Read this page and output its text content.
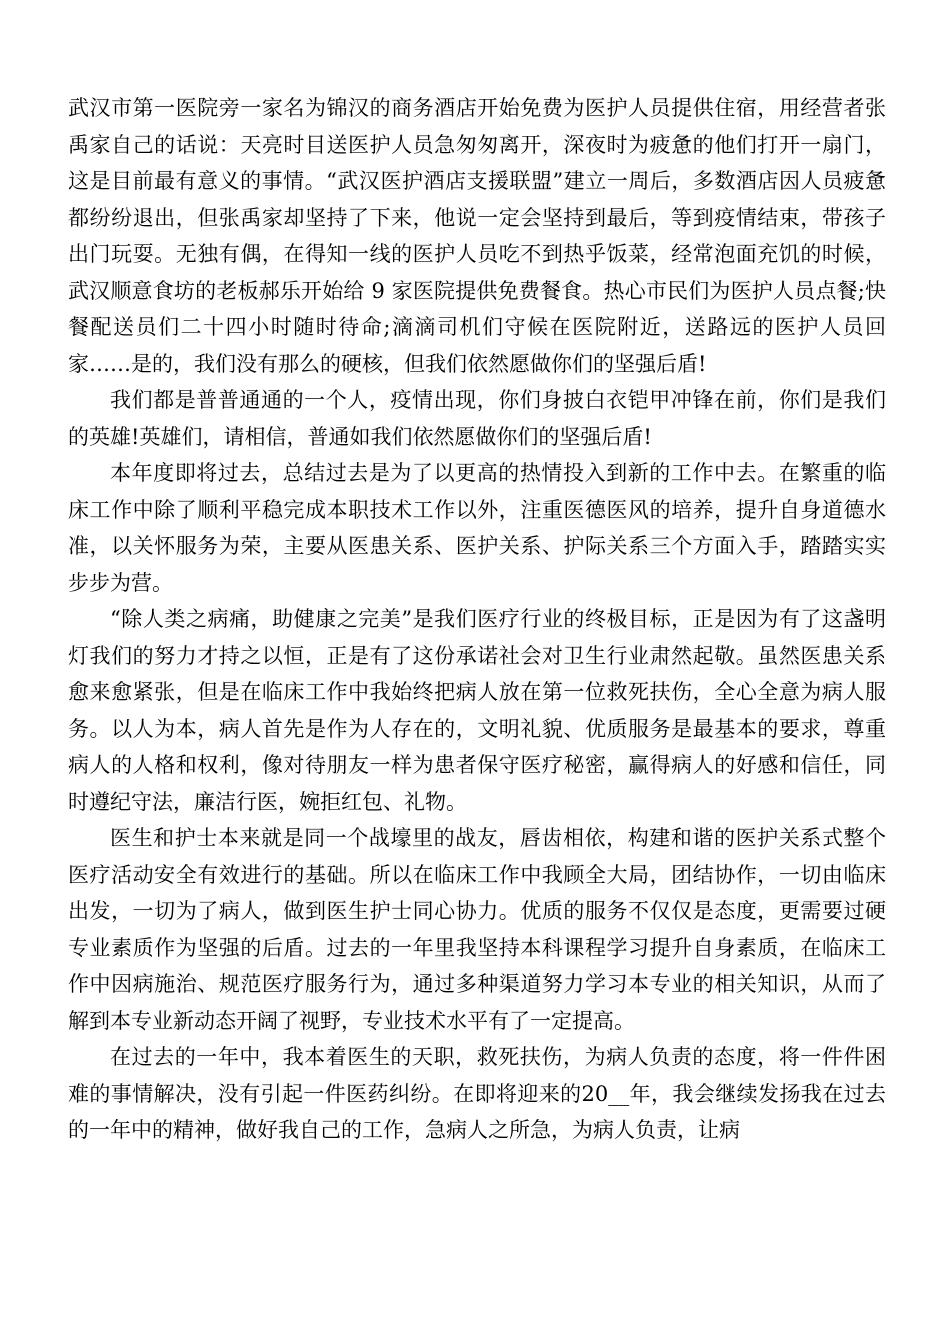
武汉市第一医院旁一家名为锦汉的商务酒店开始免费为医护人员提供住宿，用经营者张禹家自己的话说：天亮时目送医护人员急匆匆离开，深夜时为疲惫的他们打开一扇门，这是目前最有意义的事情。“武汉医护酒店支援联盟”建立一周后，多数酒店因人员疲惫都纷纷退出，但张禹家却坚持了下来，他说一定会坚持到最后，等到疫情结束，带孩子出门玩耍。无独有偶，在得知一线的医护人员吃不到热乎饭菜，经常泡面充饥的时候，武汉顺意食坊的老板郝乐开始给 9 家医院提供免费餐食。热心市民们为医护人员点餐;快餐配送员们二十四小时随时待命;滴滴司机们守候在医院附近，送路远的医护人员回家……是的，我们没有那么的硬核，但我们依然愿做你们的坚强后盾!

我们都是普普通通的一个人，疫情出现，你们身披白衣铠甲冲锋在前，你们是我们的英雄!英雄们，请相信，普通如我们依然愿做你们的坚强后盾!

本年度即将过去，总结过去是为了以更高的热情投入到新的工作中去。在繁重的临床工作中除了顺利平稳完成本职技术工作以外，注重医德医风的培养，提升自身道德水准，以关怀服务为荣，主要从医患关系、医护关系、护际关系三个方面入手，踏踏实实步步为营。

“除人类之病痛，助健康之完美”是我们医疗行业的终极目标，正是因为有了这盏明灯我们的努力才持之以恒，正是有了这份承诺社会对卫生行业肃然起敬。虽然医患关系愈来愈紧张，但是在临床工作中我始终把病人放在第一位救死扶伤，全心全意为病人服务。以人为本，病人首先是作为人存在的，文明礼貌、优质服务是最基本的要求，尊重病人的人格和权利，像对待朋友一样为患者保守医疗秘密，赢得病人的好感和信任，同时遵纪守法，廉洁行医，婉拒红包、礼物。

医生和护士本来就是同一个战壕里的战友，唇齿相依，构建和谐的医护关系式整个医疗活动安全有效进行的基础。所以在临床工作中我顾全大局，团结协作，一切由临床出发，一切为了病人，做到医生护士同心协力。优质的服务不仅仅是态度，更需要过硬专业素质作为坚强的后盾。过去的一年里我坚持本科课程学习提升自身素质，在临床工作中因病施治、规范医疗服务行为，通过多种渠道努力学习本专业的相关知识，从而了解到本专业新动态开阔了视野，专业技术水平有了一定提高。

在过去的一年中，我本着医生的天职，救死扶伤，为病人负责的态度，将一件件困难的事情解决，没有引起一件医药纠纷。在即将迎来的20__年，我会继续发扬我在过去的一年中的精神，做好我自己的工作，急病人之所急，为病人负责，让病
